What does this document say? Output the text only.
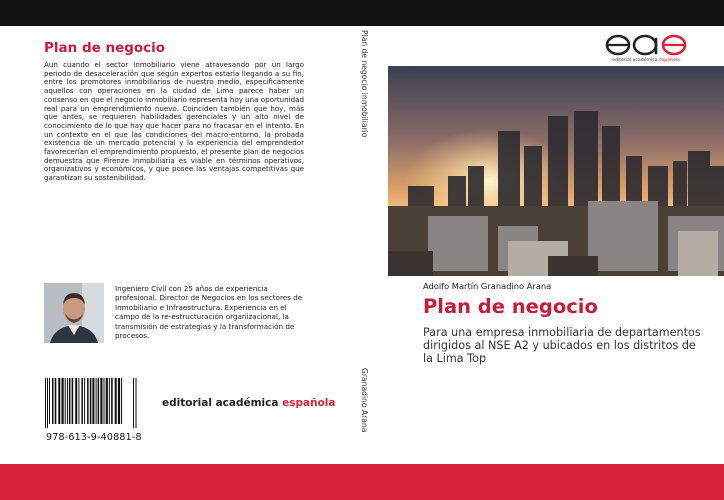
Plan de negocio

Aun cuando el sector inmobiliario viene atravesando por un largo periodo de desaceleración que según expertos estaría llegando a su fin, entre los promotores inmobiliarios de nuestro medio, específicamente aquellos con operaciones en la ciudad de Lima parece haber un consenso en que el negocio inmobiliario representa hoy una oportunidad real para un emprendimiento nuevo. Coinciden también que hoy, más que antes, se requieren habilidades gerenciales y un alto nivel de conocimiento de lo que hay que hacer para no fracasar en el intento. En un contexto en el que las condiciones del macro-entorno, la probada existencia de un mercado potencial y la experiencia del emprendedor favorecerían el emprendimiento propuesto, el presente plan de negocios demuestra que Firenze Inmobiliaria es viable en términos operativos, organizativos y económicos, y que posee las ventajas competitivas que garantizan su sostenibilidad.

Ingeniero Civil con 25 años de experiencia profesional. Director de Negocios en los sectores de Inmobiliario e Infraestructura. Experiencia en el campo de la re-estructuración organizacional, la transmisión de estrategias y la transformación de procesos.

978-613-9-40881-8
editorial académica española
Plan de negocio inmobiliario
Granadino Arana
editorial académica española
Adolfo Martín Granadino Arana
Plan de negocio

Para una empresa inmobiliaria de departamentos dirigidos al NSE A2 y ubicados en los distritos de la Lima Top
